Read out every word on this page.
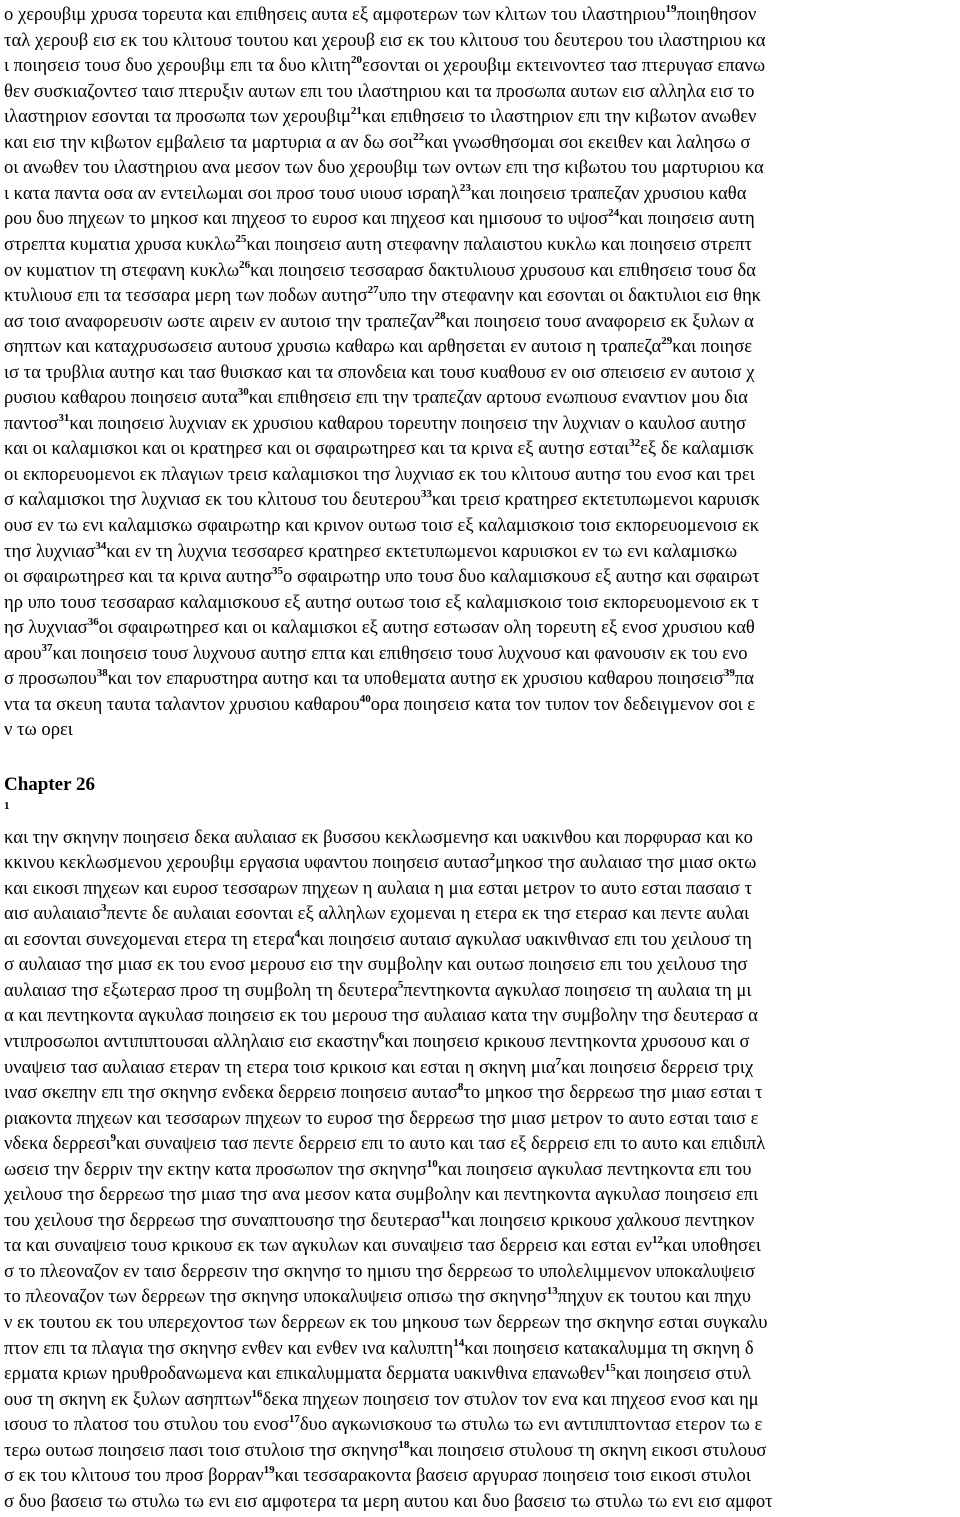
ο χερουβιμ χρυσα τορευτα και επιθησεις αυτα εξ αμφοτερων των κλιτων του ιλαστηριου$^{19}$ποιηθησον
ταλ χερουβ εισ εκ του κλιτουσ τουτου και χερουβ εισ εκ του κλιτουσ του δευτερου του ιλαστηριου κα
ι ποιησεισ τουσ δυο χερουβιμ επι τα δυο κλιτη$^{20}$εσονται οι χερουβιμ εκτεινοντεσ τασ πτερυγασ επανω
θεν συσκιαζοντεσ ταισ πτερυξιν αυτων επι του ιλαστηριου και τα προσωπα αυτων εισ αλληλα εισ το
ιλαστηριον εσονται τα προσωπα των χερουβιμ$^{21}$και επιθησεισ το ιλαστηριον επι την κιβωτον ανωθεν
και εισ την κιβωτον εμβαλεισ τα μαρτυρια α αν δω σοι$^{22}$και γνωσθησομαι σοι εκειθεν και λαλησω σ
οι ανωθεν του ιλαστηριου ανα μεσον των δυο χερουβιμ των οντων επι τησ κιβωτου του μαρτυριου κα
ι κατα παντα οσα αν εντειλωμαι σοι προσ τουσ υιουσ ισραηλ$^{23}$και ποιησεισ τραπεζαν χρυσιου καθα
ρου δυο πηχεων το μηκοσ και πηχεοσ το ευροσ και πηχεοσ και ημισουσ το υψοσ$^{24}$και ποιησεισ αυτη
στρεπτα κυματια χρυσα κυκλω$^{25}$και ποιησεισ αυτη στεφανην παλαιστου κυκλω και ποιησεισ στρεπτ
ον κυματιον τη στεφανη κυκλω$^{26}$και ποιησεισ τεσσαρασ δακτυλιουσ χρυσουσ και επιθησεισ τουσ δα
κτυλιουσ επι τα τεσσαρα μερη των ποδων αυτησ$^{27}$υπο την στεφανην και εσονται οι δακτυλιοι εισ θηκ
ασ τοισ αναφορευσιν ωστε αιρειν εν αυτοισ την τραπεζαν$^{28}$και ποιησεισ τουσ αναφορεισ εκ ξυλων α
σηπτων και καταχρυσωσεισ αυτουσ χρυσιω καθαρω και αρθησεται εν αυτοισ η τραπεζα$^{29}$και ποιησε
ισ τα τρυβλια αυτησ και τασ θυισκασ και τα σπονδεια και τουσ κυαθουσ εν οισ σπεισεισ εν αυτοισ χ
ρυσιου καθαρου ποιησεισ αυτα$^{30}$και επιθησεισ επι την τραπεζαν αρτουσ ενωπιουσ εναντιον μου δια
παντοσ$^{31}$και ποιησεισ λυχνιαν εκ χρυσιου καθαρου τορευτην ποιησεισ την λυχνιαν ο καυλοσ αυτησ
και οι καλαμισκοι και οι κρατηρεσ και οι σφαιρωτηρεσ και τα κρινα εξ αυτησ εσται$^{32}$εξ δε καλαμισκ
οι εκπορευομενοι εκ πλαγιων τρεισ καλαμισκοι τησ λυχνιασ εκ του κλιτουσ αυτησ του ενοσ και τρει
σ καλαμισκοι τησ λυχνιασ εκ του κλιτουσ του δευτερου$^{33}$και τρεισ κρατηρεσ εκτετυπωμενοι καρυισκ
ουσ εν τω ενι καλαμισκω σφαιρωτηρ και κρινον ουτωσ τοισ εξ καλαμισκοισ τοισ εκπορευομενοισ εκ
τησ λυχνιασ$^{34}$και εν τη λυχνια τεσσαρεσ κρατηρεσ εκτετυπωμενοι καρυισκοι εν τω ενι καλαμισκω
οι σφαιρωτηρεσ και τα κρινα αυτησ$^{35}$ο σφαιρωτηρ υπο τουσ δυο καλαμισκουσ εξ αυτησ και σφαιρωτ
ηρ υπο τουσ τεσσαρασ καλαμισκουσ εξ αυτησ ουτωσ τοισ εξ καλαμισκοισ τοισ εκπορευομενοισ εκ τ
ησ λυχνιασ$^{36}$οι σφαιρωτηρεσ και οι καλαμισκοι εξ αυτησ εστωσαν ολη τορευτη εξ ενοσ χρυσιου καθ
αρου$^{37}$και ποιησεισ τουσ λυχνουσ αυτησ επτα και επιθησεισ τουσ λυχνουσ και φανουσιν εκ του ενο
σ προσωπου$^{38}$και τον επαρυστηρα αυτησ και τα υποθεματα αυτησ εκ χρυσιου καθαρου ποιησεισ$^{39}$πα
ντα τα σκευη ταυτα ταλαντον χρυσιου καθαρου$^{40}$ορα ποιησεισ κατα τον τυπον τον δεδειγμενον σοι ε
ν τω ορει
Chapter 26
$^1$
και την σκηνην ποιησεισ δεκα αυλαιασ εκ βυσσου κεκλωσμενησ και υακινθου και πορφυρασ και κο
κκινου κεκλωσμενου χερουβιμ εργασια υφαντου ποιησεισ αυτασ$^2$μηκοσ τησ αυλαιασ τησ μιασ οκτω
και εικοσι πηχεων και ευροσ τεσσαρων πηχεων η αυλαια η μια εσται μετρον το αυτο εσται πασαισ τ
αισ αυλαιαισ$^3$πεντε δε αυλαιαι εσονται εξ αλληλων εχομεναι η ετερα εκ τησ ετερασ και πεντε αυλαι
αι εσονται συνεχομεναι ετερα τη ετερα$^4$και ποιησεισ αυταισ αγκυλασ υακινθινασ επι του χειλουσ τη
σ αυλαιασ τησ μιασ εκ του ενοσ μερουσ εισ την συμβολην και ουτωσ ποιησεισ επι του χειλουσ τησ
αυλαιασ τησ εξωτερασ προσ τη συμβολη τη δευτερα$^5$πεντηκοντα αγκυλασ ποιησεισ τη αυλαια τη μι
α και πεντηκοντα αγκυλασ ποιησεισ εκ του μερουσ τησ αυλαιασ κατα την συμβολην τησ δευτερασ α
ντιπροσωποι αντιπιπτουσαι αλληλαισ εισ εκαστην$^6$και ποιησεισ κρικουσ πεντηκοντα χρυσουσ και σ
υναψεισ τασ αυλαιασ ετεραν τη ετερα τοισ κρικοισ και εσται η σκηνη μια$^7$και ποιησεισ δερρεισ τριχ
ινασ σκεπην επι τησ σκηνησ ενδεκα δερρεισ ποιησεισ αυτασ$^8$το μηκοσ τησ δερρεωσ τησ μιασ εσται τ
ριακοντα πηχεων και τεσσαρων πηχεων το ευροσ τησ δερρεωσ τησ μιασ μετρον το αυτο εσται ταισ ε
νδεκα δερρεσι$^9$και συναψεισ τασ πεντε δερρεισ επι το αυτο και τασ εξ δερρεισ επι το αυτο και επιδιπλ
ωσεισ την δερριν την εκτην κατα προσωπον τησ σκηνησ$^{10}$και ποιησεισ αγκυλασ πεντηκοντα επι του
χειλουσ τησ δερρεωσ τησ μιασ τησ ανα μεσον κατα συμβολην και πεντηκοντα αγκυλασ ποιησεισ επι
του χειλουσ τησ δερρεωσ τησ συναπτουσησ τησ δευτερασ$^{11}$και ποιησεισ κρικουσ χαλκουσ πεντηκον
τα και συναψεισ τουσ κρικουσ εκ των αγκυλων και συναψεισ τασ δερρεισ και εσται $\varepsilon\nu^{12}\kappa\alpha\iota$ υποθησει
σ το πλεοναζον εν ταισ δερρεσιν τησ σκηνησ το ημισυ τησ δερρεωσ το υπολελιμμενον υποκαλυψεισ
το πλεοναζον των δερρεων τησ σκηνησ υποκαλυψεισ οπισω τησ σκηνησ$^{13}$πηχυν εκ τουτου και πηχυ
ν εκ τουτου εκ του υπερεχοντοσ των δερρεων εκ του μηκουσ των δερρεων τησ σκηνησ εσται συγκαλυ
πτον επι τα πλαγια τησ σκηνησ ενθεν και ενθεν ινα καλυπτη$^{14}$και ποιησεισ κατακαλυμμα τη σκηνη δ
ερματα κριων ηρυθροδανωμενα και επικαλυμματα δερματα υακινθινα επανωθεν$^{15}$και ποιησεισ στυλ
ουσ τη σκηνη εκ ξυλων ασηπτων$^{16}$δεκα πηχεων ποιησεισ τον στυλον τον ενα και πηχεοσ ενοσ και ημ
ισουσ το πλατοσ του στυλου του ενοσ$^{17}$δυο αγκωνισκουσ τω στυλω τω ενι αντιπιπτοντασ ετερον τω ε
τερω ουτωσ ποιησεισ πασι τοισ στυλοισ τησ σκηνησ$^{18}$και ποιησεισ στυλουσ τη σκηνη εικοσι στυλουσ
σ εκ του κλιτουσ του προσ βορραν$^{19}$και τεσσαρακοντα βασεισ αργυρασ ποιησεισ τοισ εικοσι στυλοι
σ δυο βασεισ τω στυλω τω ενι εισ αμφοτερα τα μερη αυτου και δυο βασεισ τω στυλω τω ενι εισ αμφοτ
